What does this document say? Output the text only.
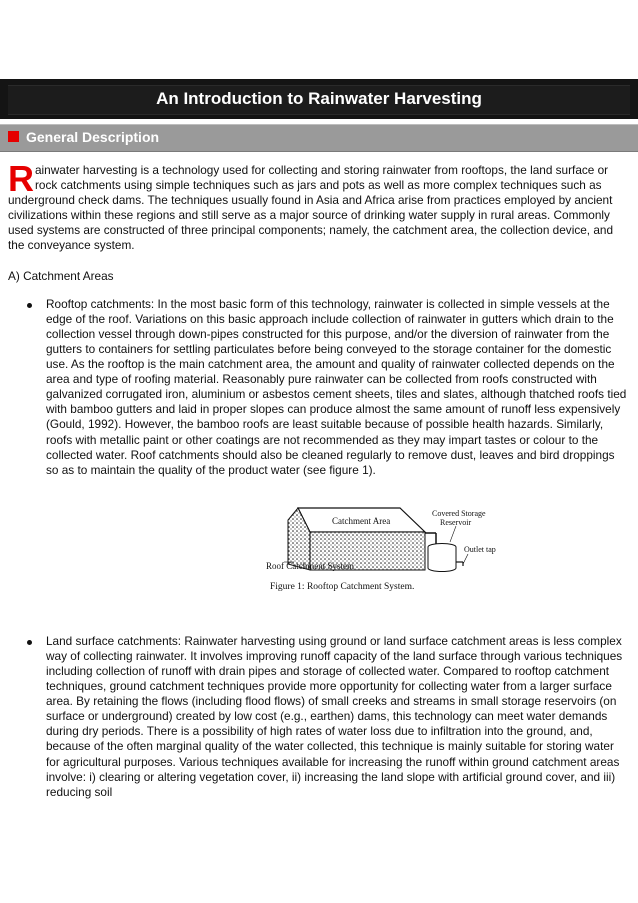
An Introduction to Rainwater Harvesting
General Description

Rainwater harvesting is a technology used for collecting and storing rainwater from rooftops, the land surface or rock catchments using simple techniques such as jars and pots as well as more complex techniques such as underground check dams. The techniques usually found in Asia and Africa arise from practices employed by ancient civilizations within these regions and still serve as a major source of drinking water supply in rural areas. Commonly used systems are constructed of three principal components; namely, the catchment area, the collection device, and the conveyance system.

A) Catchment Areas

Rooftop catchments: In the most basic form of this technology, rainwater is collected in simple vessels at the edge of the roof. Variations on this basic approach include collection of rainwater in gutters which drain to the collection vessel through down-pipes constructed for this purpose, and/or the diversion of rainwater from the gutters to containers for settling particulates before being conveyed to the storage container for the domestic use. As the rooftop is the main catchment area, the amount and quality of rainwater collected depends on the area and type of roofing material. Reasonably pure rainwater can be collected from roofs constructed with galvanized corrugated iron, aluminium or asbestos cement sheets, tiles and slates, although thatched roofs tied with bamboo gutters and laid in proper slopes can produce almost the same amount of runoff less expensively (Gould, 1992). However, the bamboo roofs are least suitable because of possible health hazards. Similarly, roofs with metallic paint or other coatings are not recommended as they may impart tastes or colour to the collected water. Roof catchments should also be cleaned regularly to remove dust, leaves and bird droppings so as to maintain the quality of the product water (see figure 1).
Catchment Area
Covered Storage
Reservoir
Outlet tap
Roof Catchment System
Figure 1: Rooftop Catchment System.
Land surface catchments: Rainwater harvesting using ground or land surface catchment areas is less complex way of collecting rainwater. It involves improving runoff capacity of the land surface through various techniques including collection of runoff with drain pipes and storage of collected water. Compared to rooftop catchment techniques, ground catchment techniques provide more opportunity for collecting water from a larger surface area. By retaining the flows (including flood flows) of small creeks and streams in small storage reservoirs (on surface or underground) created by low cost (e.g., earthen) dams, this technology can meet water demands during dry periods. There is a possibility of high rates of water loss due to infiltration into the ground, and, because of the often marginal quality of the water collected, this technique is mainly suitable for storing water for agricultural purposes. Various techniques available for increasing the runoff within ground catchment areas involve: i) clearing or altering vegetation cover, ii) increasing the land slope with artificial ground cover, and iii) reducing soil
